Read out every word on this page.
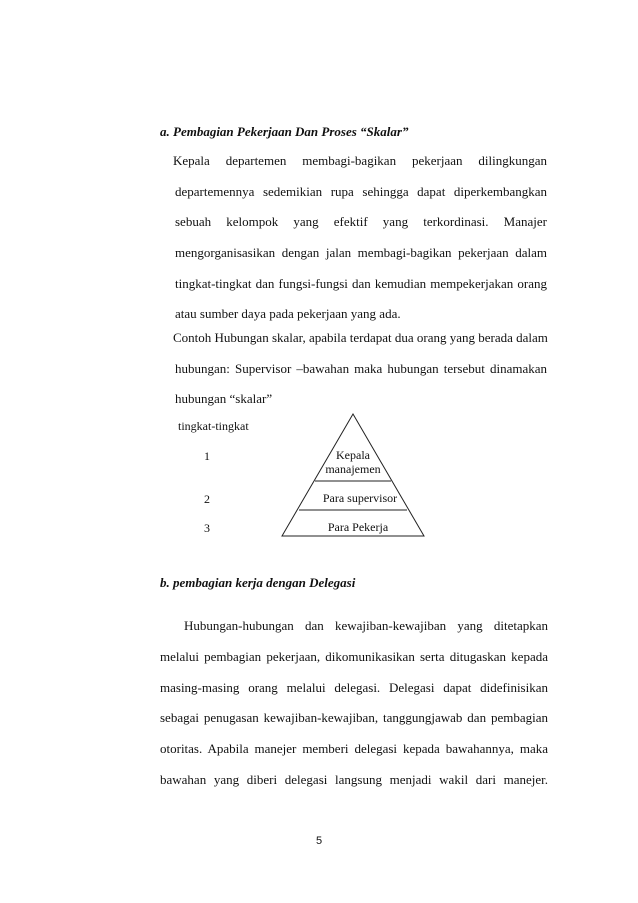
a. Pembagian Pekerjaan Dan Proses “Skalar”
Kepala departemen membagi-bagikan pekerjaan dilingkungan
departemennya sedemikian rupa sehingga dapat diperkembangkan
sebuah kelompok yang efektif yang terkordinasi. Manajer
mengorganisasikan dengan jalan membagi-bagikan pekerjaan dalam
tingkat-tingkat dan fungsi-fungsi dan kemudian mempekerjakan orang
atau sumber daya pada pekerjaan yang ada.
Contoh Hubungan skalar, apabila terdapat dua orang yang berada dalam
hubungan: Supervisor –bawahan maka hubungan tersebut dinamakan
hubungan “skalar”
tingkat-tingkat
1
2
3
Kepala
manajemen
Para supervisor
Para Pekerja
b. pembagian kerja dengan Delegasi
Hubungan-hubungan dan kewajiban-kewajiban yang ditetapkan
melalui pembagian pekerjaan, dikomunikasikan serta ditugaskan kepada
masing-masing orang melalui delegasi. Delegasi dapat didefinisikan
sebagai penugasan kewajiban-kewajiban, tanggungjawab dan pembagian
otoritas. Apabila manejer memberi delegasi kepada bawahannya, maka
bawahan yang diberi delegasi langsung menjadi wakil dari manejer.
5
